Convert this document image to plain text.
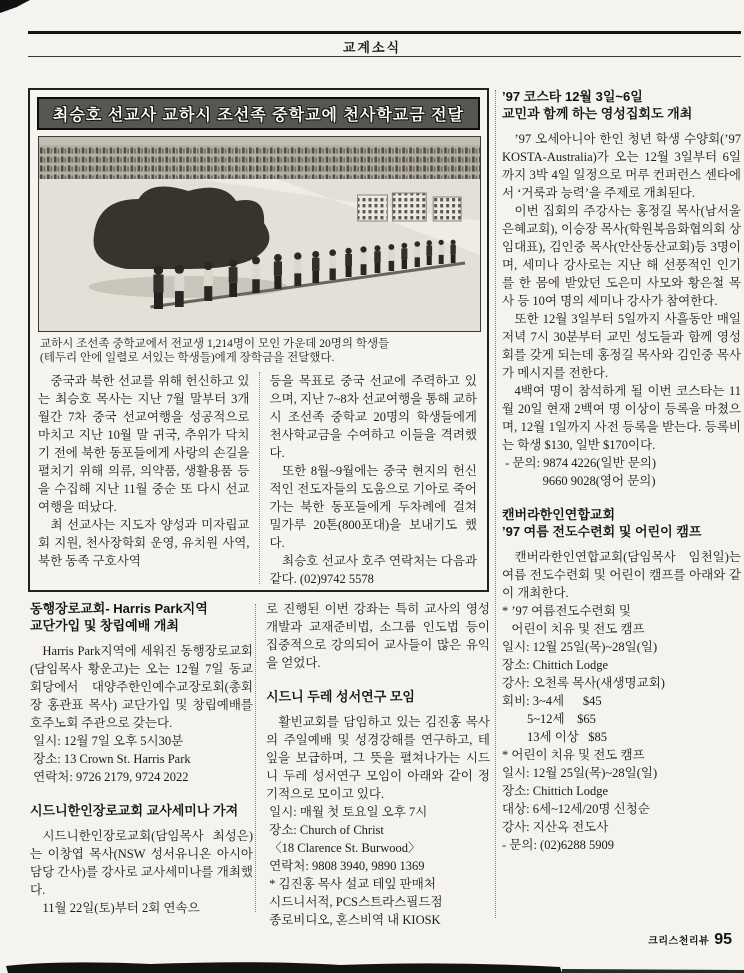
교계소식
최승호 선교사 교하시 조선족 중학교에 천사학교금 전달
교하시 조선족 중학교에서 전교생 1,214명이 모인 가운데 20명의 학생들
(테두리 안에 일렬로 서있는 학생들)에게 장학금을 전달했다.

중국과 북한 선교를 위해 헌신하고 있는 최승호 목사는 지난 7월 말부터 3개월간 7차 중국 선교여행을 성공적으로 마치고 지난 10월 말 귀국, 추위가 닥치기 전에 북한 동포들에게 사랑의 손길을 펼치기 위해 의류, 의약품, 생활용품 등을 수집해 지난 11월 중순 또 다시 선교 여행을 떠났다.

최 선교사는 지도자 양성과 미자립교회 지원, 천사장학회 운영, 유치원 사역, 북한 동족 구호사역

등을 목표로 중국 선교에 주력하고 있으며, 지난 7~8차 선교여행을 통해 교하시 조선족 중학교 20명의 학생들에게 천사학교금을 수여하고 이들을 격려했다.

또한 8월~9월에는 중국 현지의 헌신적인 전도자들의 도움으로 기아로 죽어가는 북한 동포들에게 두차례에 걸쳐 밀가루 20톤(800포대)을 보내기도 했다.

최승호 선교사 호주 연락처는 다음과 같다. (02)9742 5578

’97 코스타 12월 3일~6일
교민과 함께 하는 영성집회도 개최

’97 오세아니아 한인 청년 학생 수양회(’97 KOSTA-Australia)가 오는 12월 3일부터 6일까지 3박 4일 일정으로 머루 컨퍼런스 센타에서 ‘거룩과 능력’을 주제로 개최된다.

이번 집회의 주강사는 홍정길 목사(남서울은혜교회), 이승장 목사(학원복음화협의회 상임대표), 김인중 목사(안산동산교회)등 3명이며, 세미나 강사로는 지난 해 선풍적인 인기를 한 몸에 받았던 도은미 사모와 황은철 목사 등 10여 명의 세미나 강사가 참여한다.

또한 12월 3일부터 5일까지 사흘동안 매일 저녁 7시 30분부터 교민 성도들과 함께 영성회를 갖게 되는데 홍정길 목사와 김인중 목사가 메시지를 전한다.

4백여 명이 참석하게 될 이번 코스타는 11월 20일 현재 2백여 명 이상이 등록을 마쳤으며, 12월 1일까지 사전 등록을 받는다. 등록비는 학생 $130, 일반 $170이다.

- 문의: 9874 4226(일반 문의)
9660 9028(영어 문의)
캔버라한인연합교회
’97 여름 전도수련회 및 어린이 캠프

캔버라한인연합교회(담임목사 임천일)는 여름 전도수련회 및 어린이 캠프를 아래와 같이 개최한다.

* ’97 여름전도수련회 및
어린이 치유 및 전도 캠프
일시: 12월 25일(목)~28일(일)
장소: Chittich Lodge
강사: 오천록 목사(새생명교회)
회비: 3~4세      $45
5~12세    $65
13세 이상   $85
* 어린이 치유 및 전도 캠프
일시: 12월 25일(목)~28일(일)
장소: Chittich Lodge
대상: 6세~12세/20명 신청순
강사: 지산옥 전도사
- 문의: (02)6288 5909
동행장로교회- Harris Park지역
교단가입 및 창립예배 개최

Harris Park지역에 세워진 동행장로교회(담임목사 황운고)는 오는 12월 7일 동교회당에서 대양주한인예수교장로회(총회장 홍관표 목사) 교단가입 및 창립예배를 호주노회 주관으로 갖는다.

일시: 12월 7일 오후 5시30분
장소: 13 Crown St. Harris Park
연락처: 9726 2179, 9724 2022
시드니한인장로교회 교사세미나 가져

시드니한인장로교회(담임목사 최성은)는 이창엽 목사(NSW 성서유니온 아시아 담당 간사)를 강사로 교사세미나를 개최했다.

11월 22일(토)부터 2회 연속으

로 진행된 이번 강좌는 특히 교사의 영성개발과 교재준비법, 소그룹 인도법 등이 집중적으로 강의되어 교사들이 많은 유익을 얻었다.

시드니 두레 성서연구 모임

활빈교회를 담임하고 있는 김진홍 목사의 주일예배 및 성경강해를 연구하고, 테잎을 보급하며, 그 뜻을 펼쳐나가는 시드니 두레 성서연구 모임이 아래와 같이 정기적으로 모이고 있다.

일시: 매월 첫 토요일 오후 7시
장소: Church of Christ
〈18 Clarence St. Burwood〉
연락처: 9808 3940, 9890 1369
* 김진홍 목사 설교 테잎 판매처
시드니서적, PCS스트라스필드점
종로비디오, 혼스비역 내 KIOSK
크리스천리뷰 95
